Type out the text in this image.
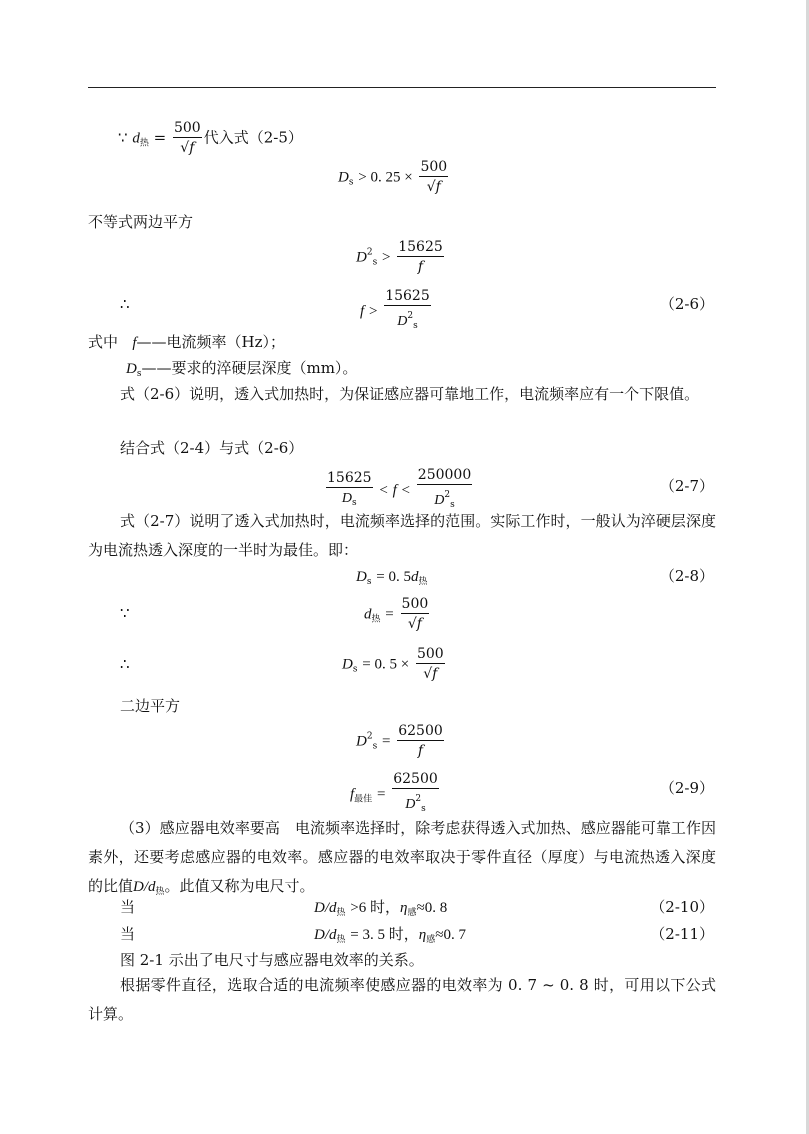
∵ $d_热 = \frac{500}{√f}$ 代入式（2-5）
$D_s > 0$. $25 \times \frac{500}{√f}$
不等式两边平方
$D^2_s > \frac{15625}{f}$
∴	$f > \frac{15625}{D^2_s}$	（2-6）
式中 f——电流频率（Hz）；
$D_s——$要求的淬硬层深度（mm）。
式（2-6）说明，透入式加热时，为保证感应器可靠地工作，电流频率应有一个下限值。
结合式（2-4）与式（2-6）
$\frac{15625}{D_s} < f < \frac{250000}{D^2_s}$	（2-7）
式（2-7）说明了透入式加热时，电流频率选择的范围。实际工作时，一般认为淬硬层深度为电流热透入深度的一半时为最佳。即：
$D_s = 0$. $5d_热$	（2-8）
∵	$d_热 = \frac{500}{√f}$
∴	$D_s = 0$. $5 \times \frac{500}{√f}$
二边平方
$D^2_s = \frac{62500}{f}$
$f_{最佳} = \frac{62500}{D^2_s}$	（2-9）
（3）感应器电效率要高　电流频率选择时，除考虑获得透入式加热、感应器能可靠工作因素外，还要考虑感应器的电效率。感应器的电效率取决于零件直径（厚度）与电流热透入深度的比值$D/d_热$。此值又称为电尺寸。
当	$D/d_热 >6$ 时，$\eta_感\approx 0$. 8	（2-10）
当	$D/d_热 = 3$. 5 时，$\eta_感\approx 0$. 7	（2-11）
图 2-1 示出了电尺寸与感应器电效率的关系。
根据零件直径，选取合适的电流频率使感应器的电效率为 0. 7 ~ 0. 8 时，可用以下公式计算。
